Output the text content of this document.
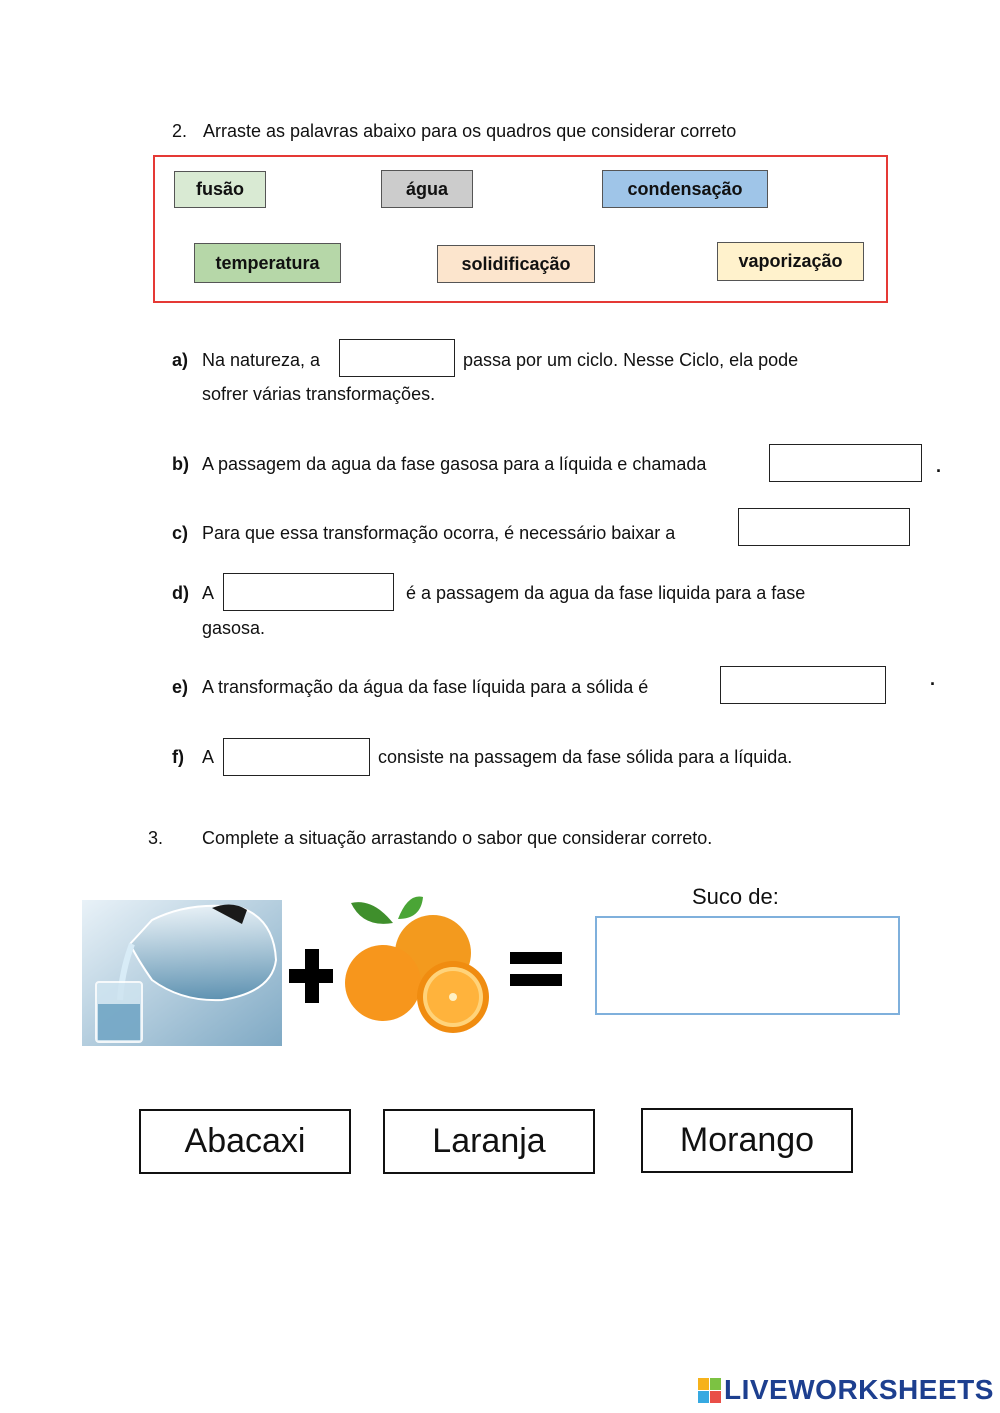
2. Arraste as palavras abaixo para os quadros que considerar correto
fusão	água	condensação
temperatura	solidificação	vaporização
a) Na natureza, a	passa por um ciclo. Nesse Ciclo, ela pode
sofrer várias transformações.
b) A passagem da agua da fase gasosa para a líquida e chamada	.
c) Para que essa transformação ocorra, é necessário baixar a
d) A	é a passagem da agua da fase liquida para a fase
gasosa.
e) A transformação da água da fase líquida para a sólida é	.
f) A	consiste na passagem da fase sólida para a líquida.
3. Complete a situação arrastando o sabor que considerar correto.
Suco de:
Abacaxi	Laranja	Morango
LIVEWORKSHEETS
